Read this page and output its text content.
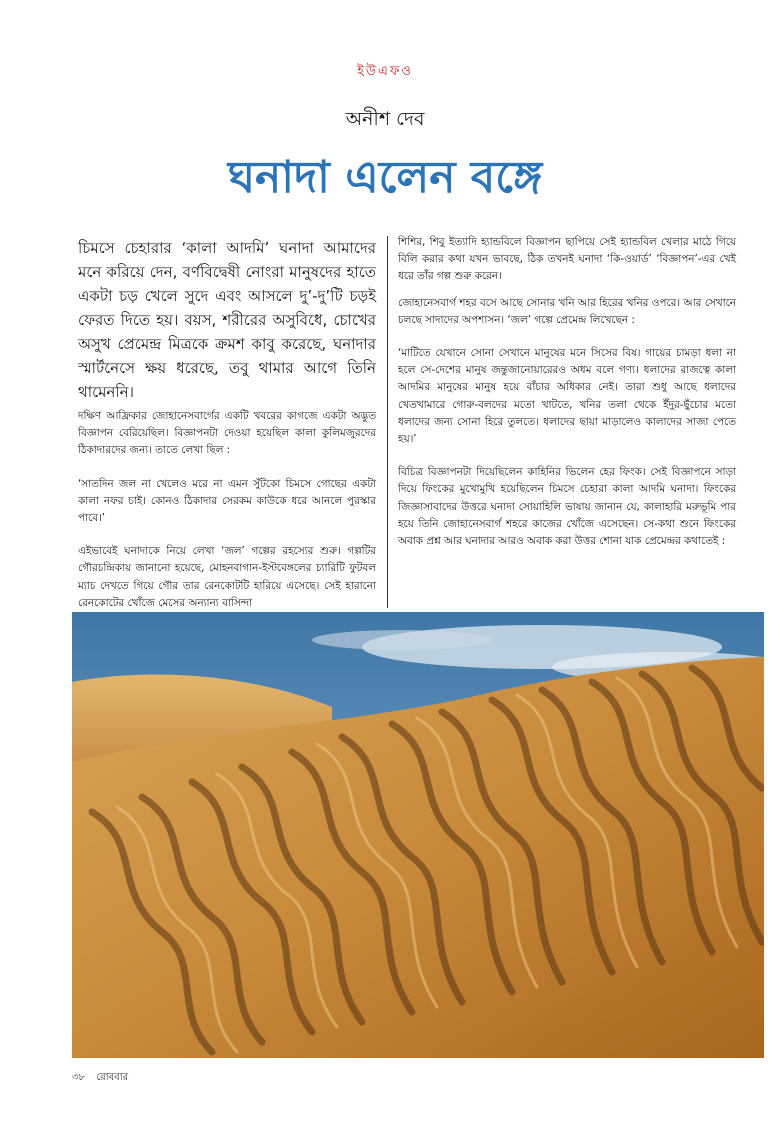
ইউএফও
অনীশ দেব
ঘনাদা এলেন বঙ্গে
চিমসে চেহারার ‘কালা আদমি’ ঘনাদা আমাদের মনে করিয়ে দেন, বর্ণবিদ্বেষী নোংরা মানুষদের হাতে একটা চড় খেলে সুদে এবং আসলে দু’-দু’টি চড়ই ফেরত দিতে হয়। বয়স, শরীরের অসুবিধে, চোখের অসুখ প্রেমেন্দ্র মিত্রকে ক্রমশ কাবু করেছে, ঘনাদার স্মার্টনেসে ক্ষয় ধরেছে, তবু থামার আগে তিনি থামেননি।

দক্ষিণ আফ্রিকার জোহানেসবার্গের একটি খবরের কাগজে একটা অদ্ভুত বিজ্ঞাপন বেরিয়েছিল। বিজ্ঞাপনটা দেওয়া হয়েছিল কালা কুলিমজুরদের ঠিকাদারদের জন্য। তাতে লেখা ছিল :

‘সাতদিন জল না খেলেও মরে না এমন সুঁটকো চিমসে গোছের একটা কালা নফর চাই। কোনও ঠিকাদার সেরকম কাউকে ধরে আনলে পুরস্কার পাবে।’

এইভাবেই ঘনাদাকে নিয়ে লেখা ‘জল’ গল্পের রহস্যের শুরু। গল্পটির গৌরচন্দ্রিকায় জানানো হয়েছে, মোহনবাগান-ইস্টবেঙ্গলের চ্যারিটি ফুটবল ম্যাচ দেখতে গিয়ে গৌর তার রেনকোটটি হারিয়ে এসেছে। সেই হারানো রেনকোটের খোঁজে মেসের অন্যান্য বাসিন্দা

শিশির, শিবু ইত্যাদি হ্যান্ডবিলে বিজ্ঞাপন ছাপিয়ে সেই হ্যান্ডবিল খেলার মাঠে গিয়ে বিলি করার কথা যখন ভাবছে, ঠিক তখনই ঘনাদা ‘কি-ওয়ার্ড’ ‘বিজ্ঞাপন’-এর খেই ধরে তাঁর গল্প শুরু করেন।

জোহানেসবার্গ শহর বসে আছে সোনার খনি আর হিরের খনির ওপরে। আর সেখানে চলছে সাদাদের অপশাসন। ‘জল’ গল্পে প্রেমেন্দ্র লিখেছেন :

‘মাটিতে যেখানে সোনা সেখানে মানুষের মনে সিসের বিষ। গায়ের চামড়া ধলা না হলে সে-দেশের মানুষ জন্তুজানোয়ারেরও অধম বলে গণ্য। ধলাদের রাজত্বে কালা আদমির মানুষের মানুষ হয়ে বাঁচার অধিকার নেই। তারা শুধু আছে ধলাদের খেতখামারে গোরু-বলদের মতো খাটতে, খনির তলা থেকে ইঁদুর-ছুঁচোর মতো ধলাদের জন্য সোনা হিরে তুলতে। ধলাদের ছায়া মাড়ালেও কালাদের সাজা পেতে হয়।’

বিচিত্র বিজ্ঞাপনটা দিয়েছিলেন কাহিনির ভিলেন হের ফিংক। সেই বিজ্ঞাপনে সাড়া দিয়ে ফিংকের মুখোমুখি হয়েছিলেন চিমসে চেহারা কালা আদমি ঘনাদা। ফিংকের জিজ্ঞাসাবাদের উত্তরে ঘনাদা সোয়াহিলি ভাষায় জানান যে, কালাহারি মরুভূমি পার হয়ে তিনি জোহানেসবার্গ শহরে কাজের খোঁজে এসেছেন। সে-কথা শুনে ফিংকের অবাক প্রশ্ন আর ঘনাদার আরও অবাক করা উত্তর শোনা যাক প্রেমেন্দ্রর কথাতেই :

৩৮ রোববার
